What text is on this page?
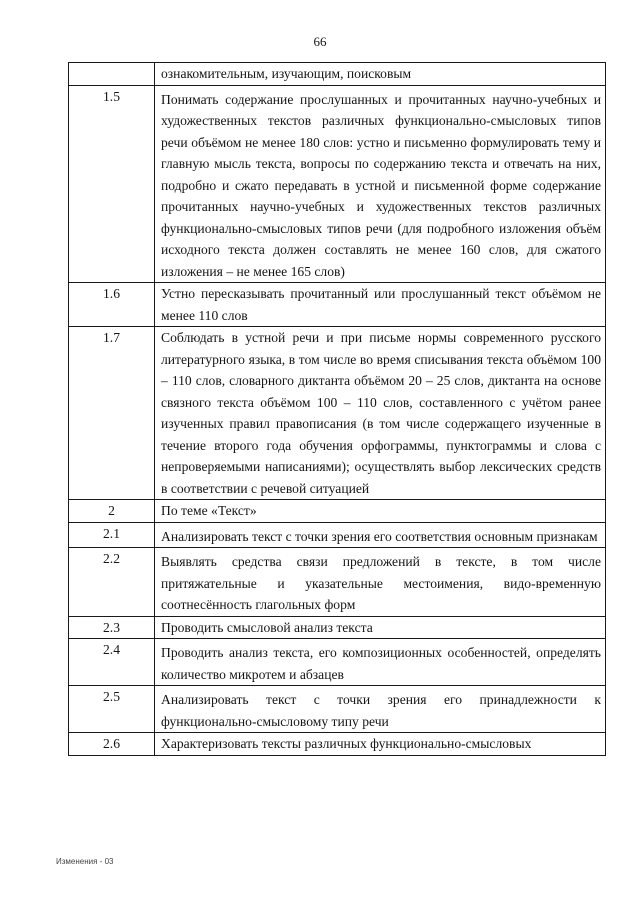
66
	ознакомительным, изучающим, поисковым
1.5	Понимать содержание прослушанных и прочитанных научно-учебных и художественных текстов различных функционально-смысловых типов речи объёмом не менее 180 слов: устно и письменно формулировать тему и главную мысль текста, вопросы по содержанию текста и отвечать на них, подробно и сжато передавать в устной и письменной форме содержание прочитанных научно-учебных и художественных текстов различных функционально-смысловых типов речи (для подробного изложения объём исходного текста должен составлять не менее 160 слов, для сжатого изложения – не менее 165 слов)
1.6	Устно пересказывать прочитанный или прослушанный текст объёмом не менее 110 слов
1.7	Соблюдать в устной речи и при письме нормы современного русского литературного языка, в том числе во время списывания текста объёмом 100 – 110 слов, словарного диктанта объёмом 20 – 25 слов, диктанта на основе связного текста объёмом 100 – 110 слов, составленного с учётом ранее изученных правил правописания (в том числе содержащего изученные в течение второго года обучения орфограммы, пунктограммы и слова с непроверяемыми написаниями); осуществлять выбор лексических средств в соответствии с речевой ситуацией
2	По теме «Текст»
2.1	Анализировать текст с точки зрения его соответствия основным признакам
2.2	Выявлять средства связи предложений в тексте, в том числе притяжательные и указательные местоимения, видо-временную соотнесённость глагольных форм
2.3	Проводить смысловой анализ текста
2.4	Проводить анализ текста, его композиционных особенностей, определять количество микротем и абзацев
2.5	Анализировать текст с точки зрения его принадлежности к функционально-смысловому типу речи
2.6	Характеризовать тексты различных функционально-смысловых
Изменения - 03
